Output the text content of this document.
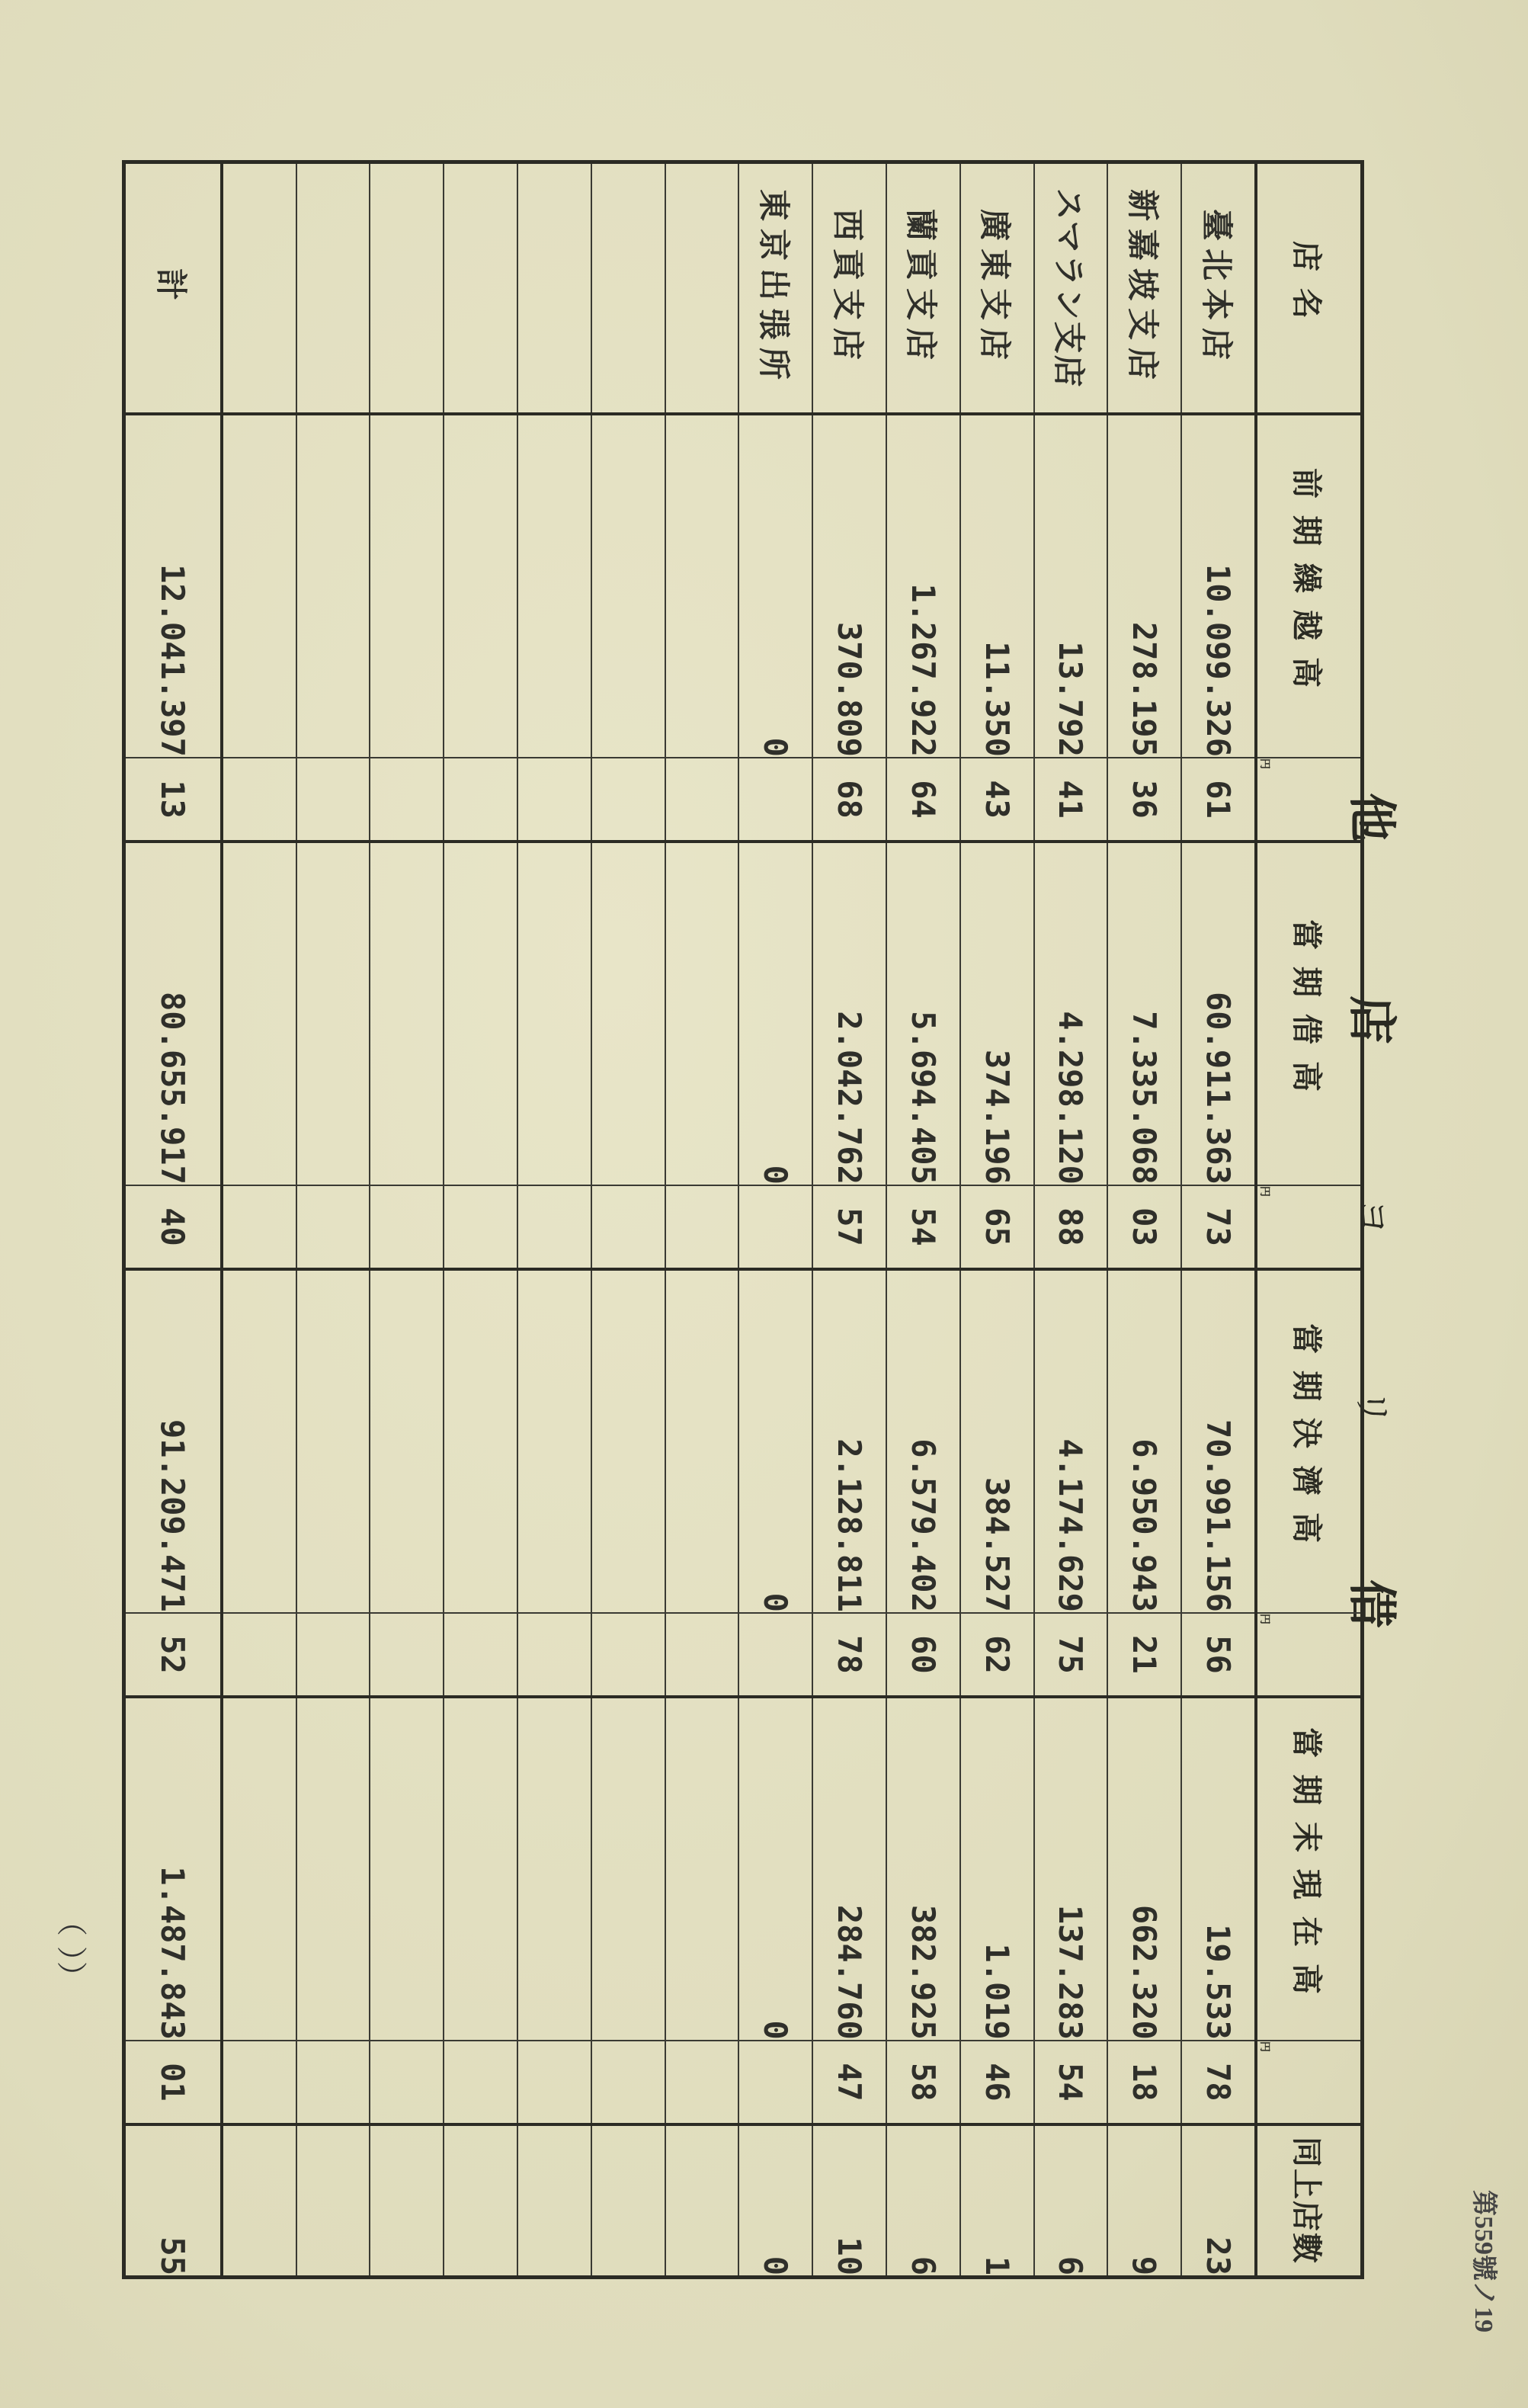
第559號ノ19
他
店
ヨ
リ
借
店名	前期繰越高	円	當期借高	円	當期決濟高	円	當期末現在高	円	同上店數
臺北本店	10.099.326	61	60.911.363	73	70.991.156	56	19.533	78	23
新嘉坡支店	278.195	36	7.335.068	03	6.950.943	21	662.320	18	9
スマラン支店	13.792	41	4.298.120	88	4.174.629	75	137.283	54	6
廣東支店	11.350	43	374.196	65	384.527	62	1.019	46	1
蘭貢支店	1.267.922	64	5.694.405	54	6.579.402	60	382.925	58	6
西貢支店	370.809	68	2.042.762	57	2.128.811	78	284.760	47	10
東京出張所	0		0		0		0		0

計	12.041.397	13	80.655.917	40	91.209.471	52	1.487.843	01	55
（ ））
